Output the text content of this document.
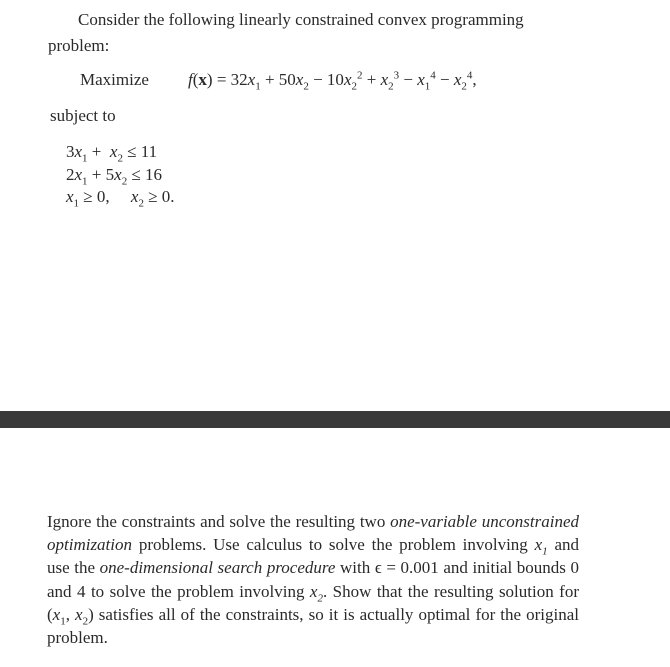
Consider the following linearly constrained convex programming
problem:
Maximize $f(x) = 32x_1 + 50x_2 - 10x_2^2 + x_2^3 - x_1^4 - x_2^4$,
subject to
$3x_1 + x_2 \le 11$
$2x_1 + 5x_2 \le 16$
$x_1 \ge 0$,     $x_2 \ge 0$.
Ignore the constraints and solve the resulting two one-variable unconstrained optimization problems. Use calculus to solve the problem involving $x_1$ and use the one-dimensional search procedure with ϵ = 0.001 and initial bounds 0 and 4 to solve the problem involving $x_2$. Show that the resulting solution for ($x_1$, $x_2$) satisfies all of the constraints, so it is actually optimal for the original problem.
